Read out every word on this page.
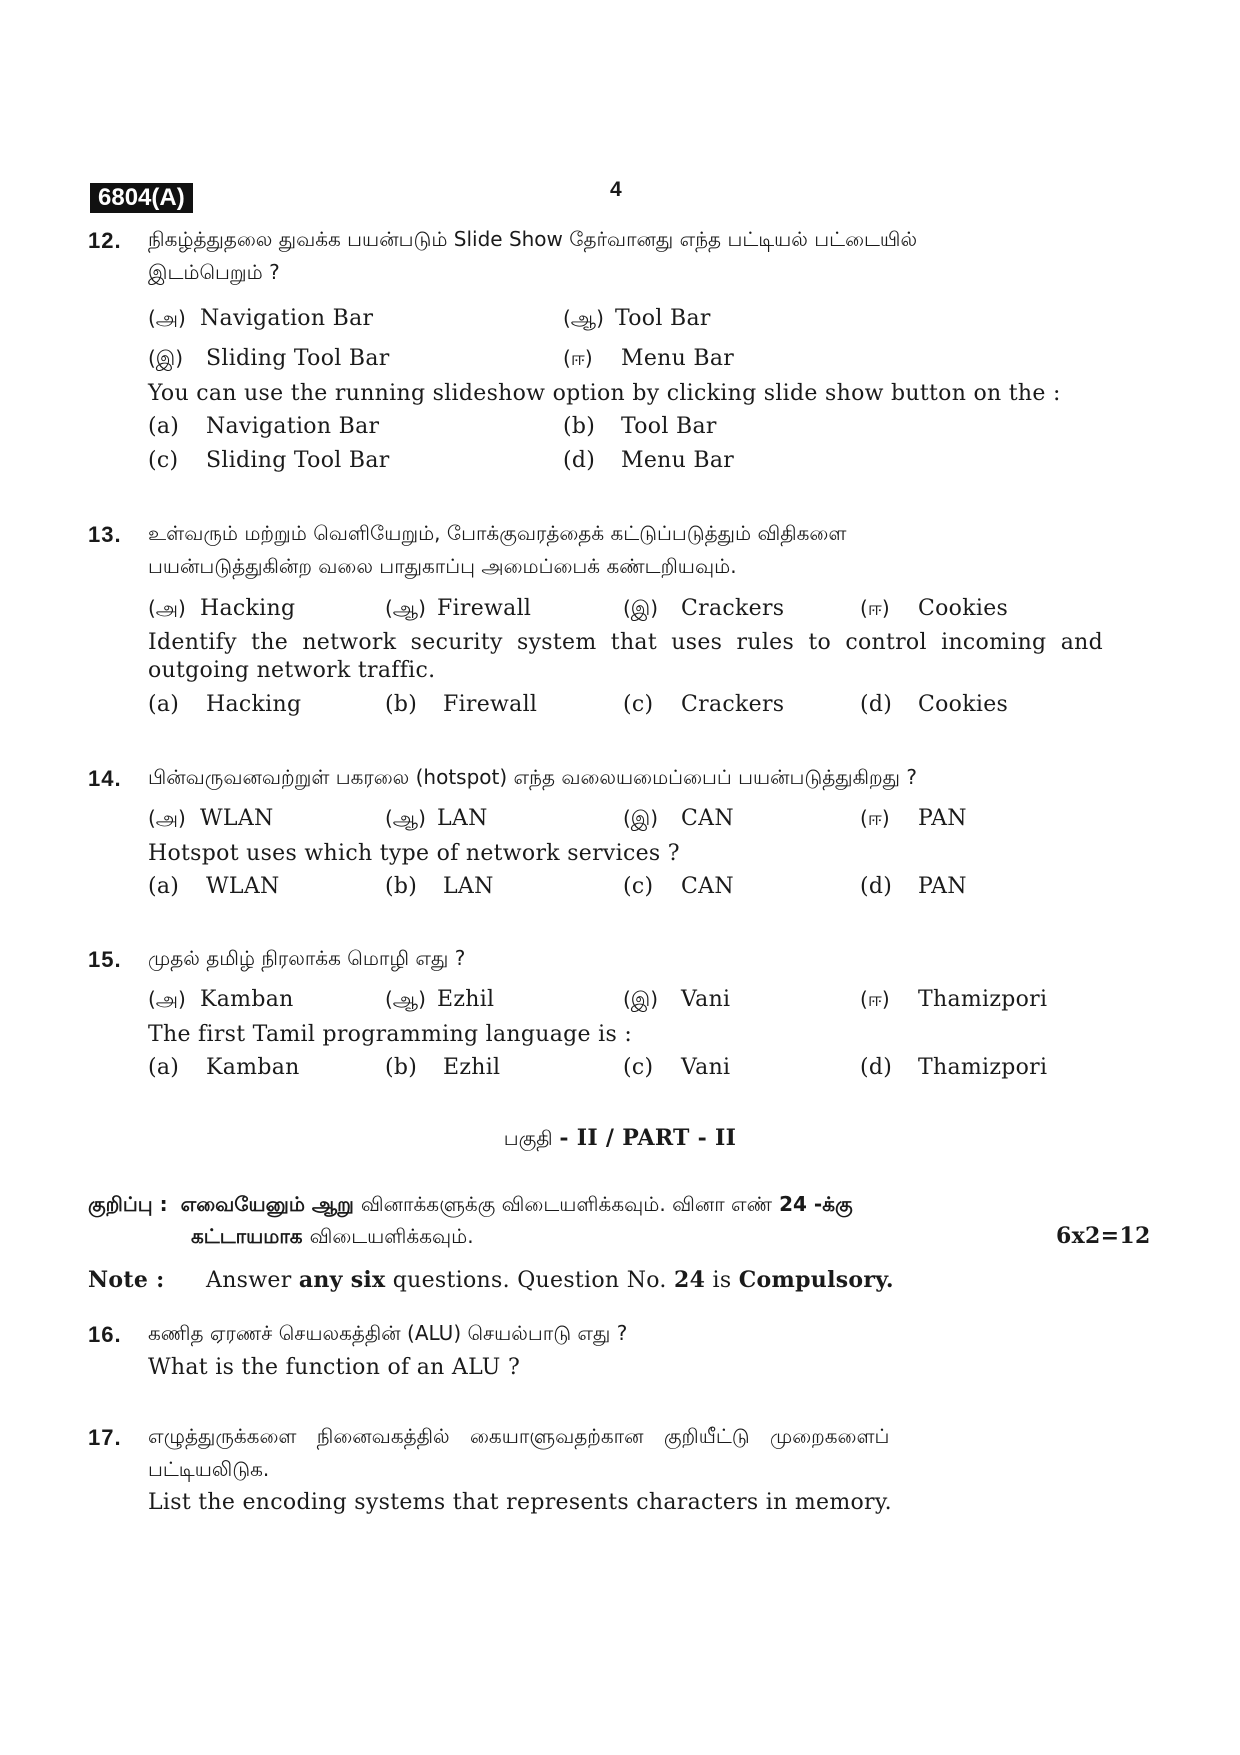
6804(A)	4
12. நிகழ்த்துதலை துவக்க பயன்படும் Slide Show தேர்வானது எந்த பட்டியல் பட்டையில்
இடம்பெறும் ?
(அ) Navigation Bar	(ஆ) Tool Bar
(இ) Sliding Tool Bar	(ஈ) Menu Bar
You can use the running slideshow option by clicking slide show button on the :
(a) Navigation Bar	(b) Tool Bar
(c) Sliding Tool Bar	(d) Menu Bar
13. உள்வரும் மற்றும் வெளியேறும், போக்குவரத்தைக் கட்டுப்படுத்தும் விதிகளை
பயன்படுத்துகின்ற வலை பாதுகாப்பு அமைப்பைக் கண்டறியவும்.
(அ) Hacking	(ஆ) Firewall	(இ) Crackers	(ஈ) Cookies
Identify the network security system that uses rules to control incoming and outgoing network traffic.
(a) Hacking	(b) Firewall	(c) Crackers	(d) Cookies
14. பின்வருவனவற்றுள் பகரலை (hotspot) எந்த வலையமைப்பைப் பயன்படுத்துகிறது ?
(அ) WLAN	(ஆ) LAN	(இ) CAN	(ஈ) PAN
Hotspot uses which type of network services ?
(a) WLAN	(b) LAN	(c) CAN	(d) PAN
15. முதல் தமிழ் நிரலாக்க மொழி எது ?
(அ) Kamban	(ஆ) Ezhil	(இ) Vani	(ஈ) Thamizpori
The first Tamil programming language is :
(a) Kamban	(b) Ezhil	(c) Vani	(d) Thamizpori
பகுதி - II / PART - II
குறிப்பு : எவையேனும் ஆறு வினாக்களுக்கு விடையளிக்கவும். வினா எண் 24 -க்கு
கட்டாயமாக விடையளிக்கவும்.	6x2=12
Note : Answer any six questions. Question No. 24 is Compulsory.
16. கணித ஏரணச் செயலகத்தின் (ALU) செயல்பாடு எது ?
What is the function of an ALU ?
17. எழுத்துருக்களை நினைவகத்தில் கையாளுவதற்கான குறியீட்டு முறைகளைப்
பட்டியலிடுக.
List the encoding systems that represents characters in memory.
